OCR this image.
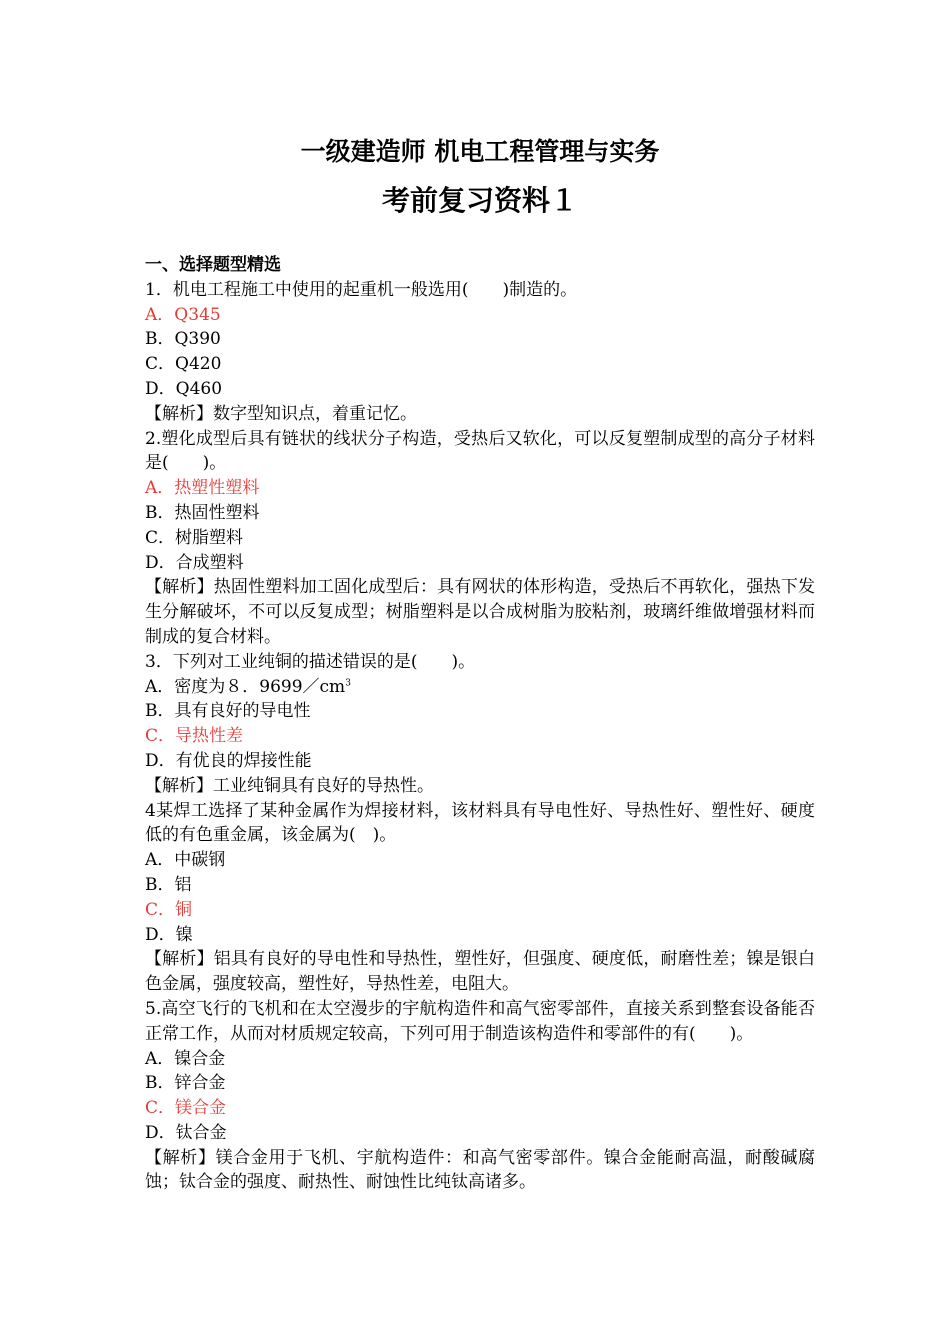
一级建造师 机电工程管理与实务
考前复习资料１
一、选择题型精选
1．机电工程施工中使用的起重机一般选用(　　)制造的。
A．Q345
B．Q390
C．Q420
D．Q460
【解析】数字型知识点，着重记忆。
2.塑化成型后具有链状的线状分子构造，受热后又软化，可以反复塑制成型的高分子材料是(　　)。
A．热塑性塑料
B．热固性塑料
C．树脂塑料
D．合成塑料
【解析】热固性塑料加工固化成型后：具有网状的体形构造，受热后不再软化，强热下发生分解破坏，不可以反复成型；树脂塑料是以合成树脂为胶粘剂，玻璃纤维做增强材料而制成的复合材料。
3．下列对工业纯铜的描述错误的是(　　)。
A．密度为８．$9699/cm^3$
B．具有良好的导电性
C．导热性差
D．有优良的焊接性能
【解析】工业纯铜具有良好的导热性。
4某焊工选择了某种金属作为焊接材料，该材料具有导电性好、导热性好、塑性好、硬度低的有色重金属，该金属为(　)。
A．中碳钢
B．铝
C．铜
D．镍
【解析】铝具有良好的导电性和导热性，塑性好，但强度、硬度低，耐磨性差；镍是银白色金属，强度较高，塑性好，导热性差，电阻大。
5.高空飞行的飞机和在太空漫步的宇航构造件和高气密零部件，直接关系到整套设备能否正常工作，从而对材质规定较高，下列可用于制造该构造件和零部件的有(　　)。
A．镍合金
B．锌合金
C．镁合金
D．钛合金
【解析】镁合金用于飞机、宇航构造件：和高气密零部件。镍合金能耐高温，耐酸碱腐蚀；钛合金的强度、耐热性、耐蚀性比纯钛高诸多。
